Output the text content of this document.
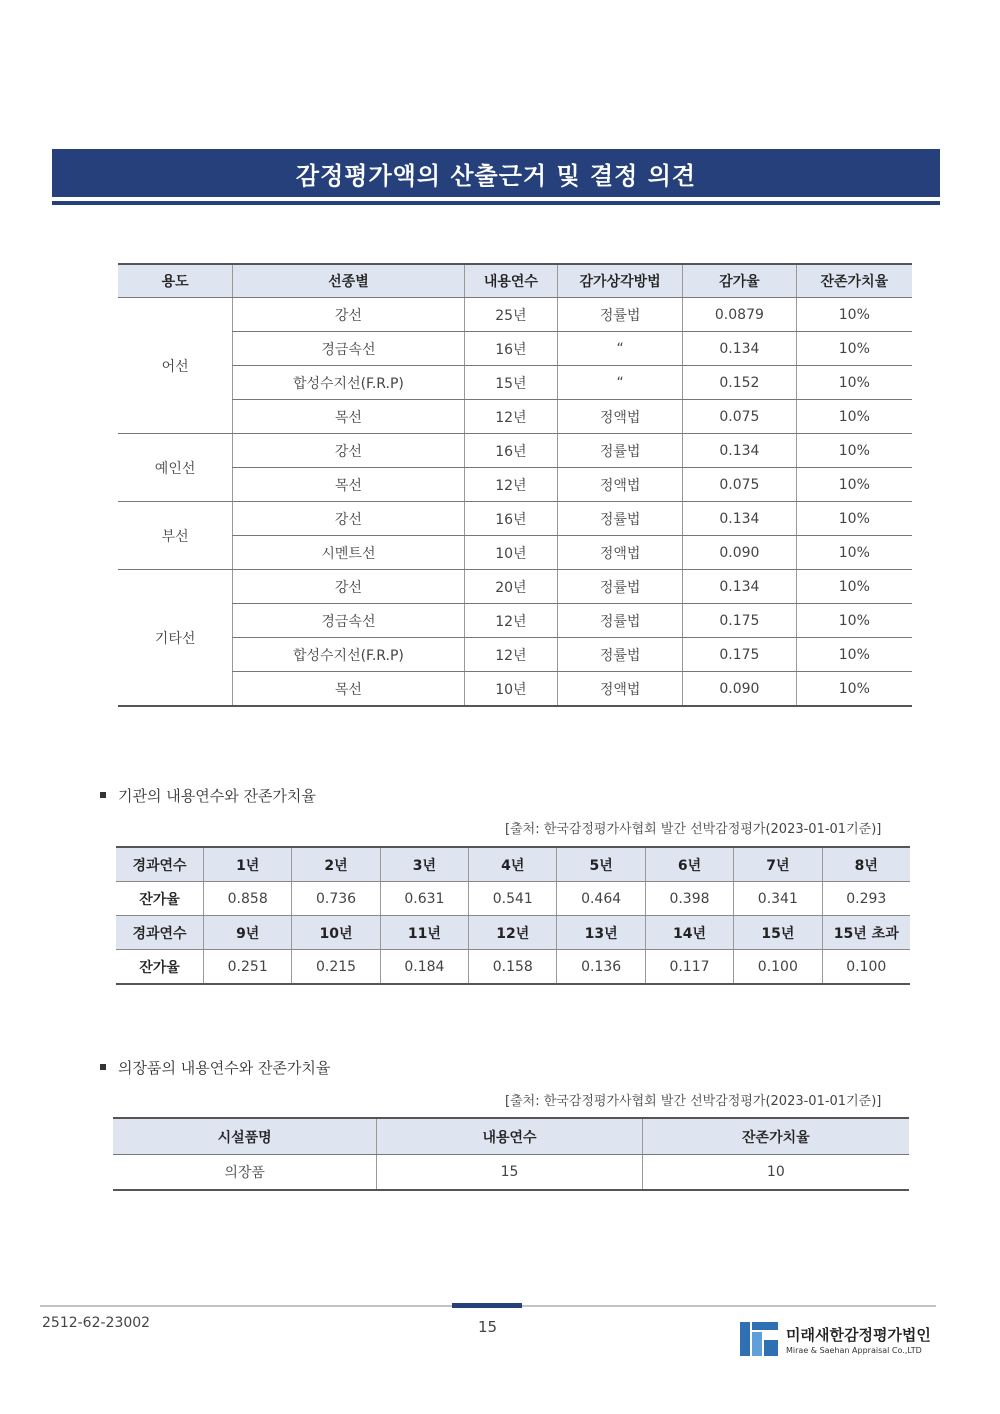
감정평가액의 산출근거 및 결정 의견
용도	선종별	내용연수	감가상각방법	감가율	잔존가치율
어선	강선	25년	정률법	0.0879	10%
	경금속선	16년	“	0.134	10%
	합성수지선(F.R.P)	15년	“	0.152	10%
	목선	12년	정액법	0.075	10%
예인선	강선	16년	정률법	0.134	10%
	목선	12년	정액법	0.075	10%
부선	강선	16년	정률법	0.134	10%
	시멘트선	10년	정액법	0.090	10%
기타선	강선	20년	정률법	0.134	10%
	경금속선	12년	정률법	0.175	10%
	합성수지선(F.R.P)	12년	정률법	0.175	10%
	목선	10년	정액법	0.090	10%
기관의 내용연수와 잔존가치율
[출처: 한국감정평가사협회 발간 선박감정평가(2023-01-01기준)]
경과연수	1년	2년	3년	4년	5년	6년	7년	8년
잔가율	0.858	0.736	0.631	0.541	0.464	0.398	0.341	0.293
경과연수	9년	10년	11년	12년	13년	14년	15년	15년 초과
잔가율	0.251	0.215	0.184	0.158	0.136	0.117	0.100	0.100
의장품의 내용연수와 잔존가치율
[출처: 한국감정평가사협회 발간 선박감정평가(2023-01-01기준)]
시설품명	내용연수	잔존가치율
의장품	15	10
2512-62-23002	15	미래새한감정평가법인
Mirae & Saehan Appraisal Co.,LTD
